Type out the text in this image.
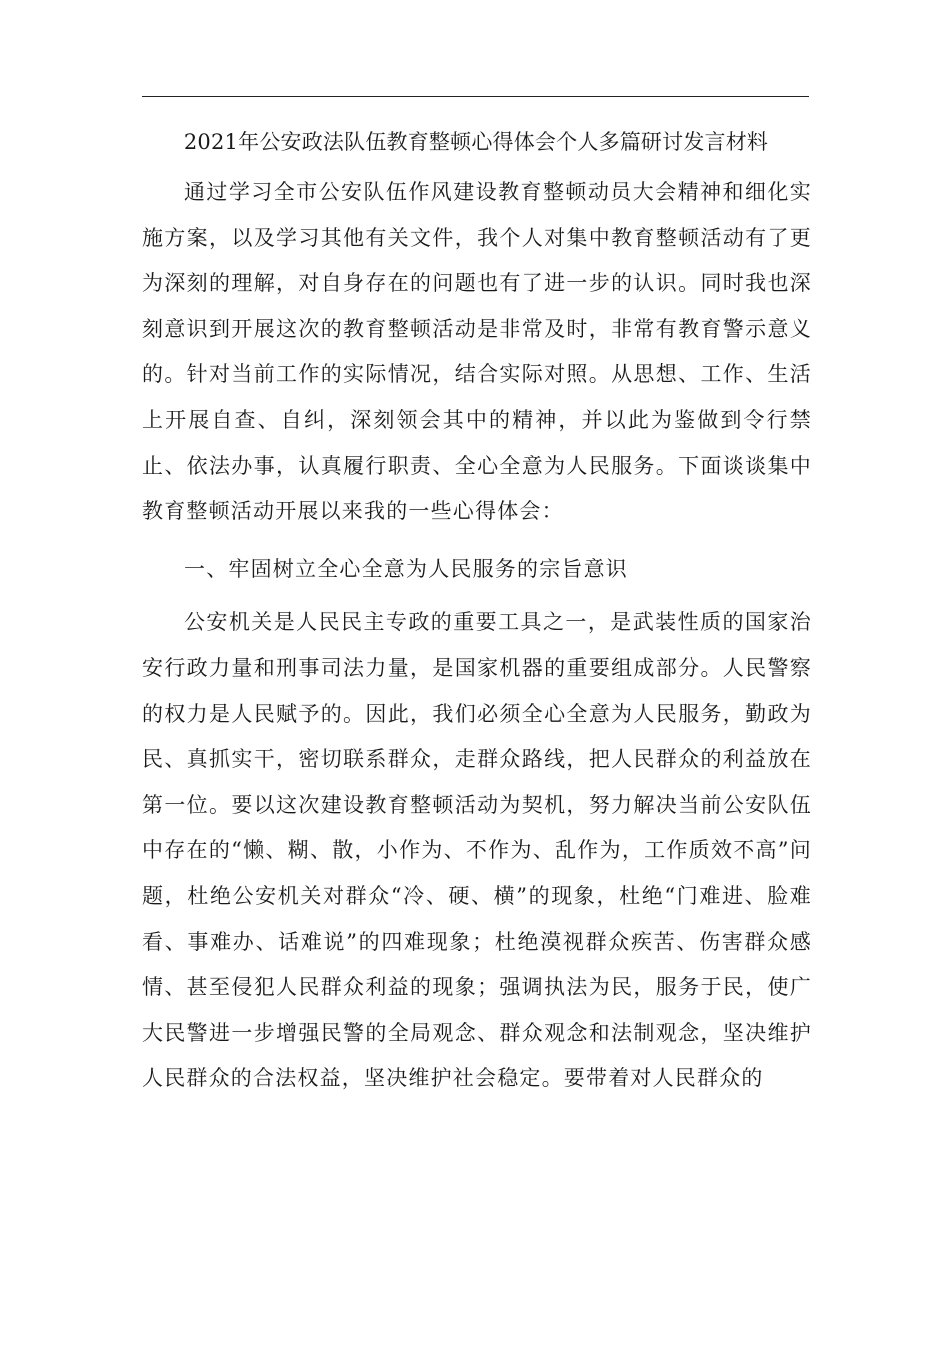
2021年公安政法队伍教育整顿心得体会个人多篇研讨发言材料

通过学习全市公安队伍作风建设教育整顿动员大会精神和细化实施方案，以及学习其他有关文件，我个人对集中教育整顿活动有了更为深刻的理解，对自身存在的问题也有了进一步的认识。同时我也深刻意识到开展这次的教育整顿活动是非常及时，非常有教育警示意义的。针对当前工作的实际情况，结合实际对照。从思想、工作、生活上开展自查、自纠，深刻领会其中的精神，并以此为鉴做到令行禁止、依法办事，认真履行职责、全心全意为人民服务。下面谈谈集中教育整顿活动开展以来我的一些心得体会：

一、牢固树立全心全意为人民服务的宗旨意识

公安机关是人民民主专政的重要工具之一，是武装性质的国家治安行政力量和刑事司法力量，是国家机器的重要组成部分。人民警察的权力是人民赋予的。因此，我们必须全心全意为人民服务，勤政为民、真抓实干，密切联系群众，走群众路线，把人民群众的利益放在第一位。要以这次建设教育整顿活动为契机，努力解决当前公安队伍中存在的“懒、糊、散，小作为、不作为、乱作为，工作质效不高”问题，杜绝公安机关对群众“冷、硬、横”的现象，杜绝“门难进、脸难看、事难办、话难说”的四难现象；杜绝漠视群众疾苦、伤害群众感情、甚至侵犯人民群众利益的现象；强调执法为民，服务于民，使广大民警进一步增强民警的全局观念、群众观念和法制观念，坚决维护人民群众的合法权益，坚决维护社会稳定。要带着对人民群众的
